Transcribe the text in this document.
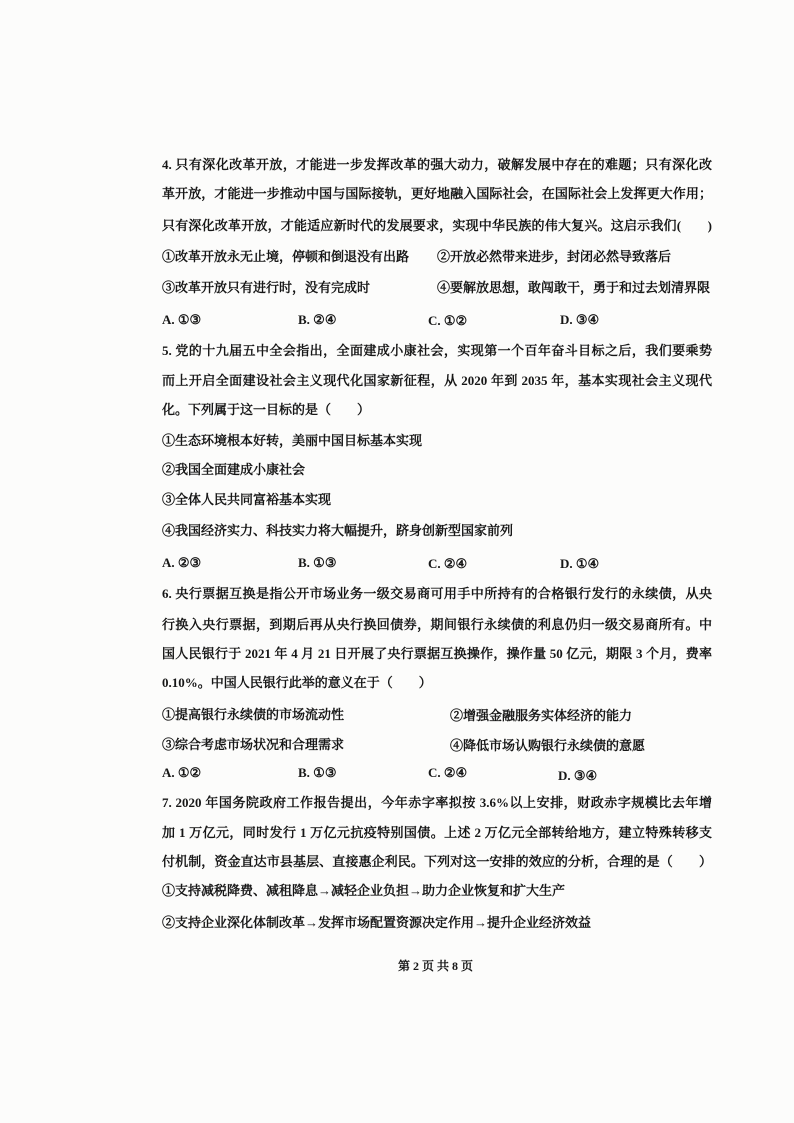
4. 只有深化改革开放，才能进一步发挥改革的强大动力，破解发展中存在的难题；只有深化改
革开放，才能进一步推动中国与国际接轨，更好地融入国际社会，在国际社会上发挥更大作用；
只有深化改革开放，才能适应新时代的发展要求，实现中华民族的伟大复兴。这启示我们(　　)
①改革开放永无止境，停顿和倒退没有出路 ②开放必然带来进步，封闭必然导致落后
③改革开放只有进行时，没有完成时	④要解放思想，敢闯敢干，勇于和过去划清界限
A. ①③	B. ②④	C. ①②	D. ③④
5. 党的十九届五中全会指出，全面建成小康社会，实现第一个百年奋斗目标之后，我们要乘势
而上开启全面建设社会主义现代化国家新征程，从 2020 年到 2035 年，基本实现社会主义现代
化。下列属于这一目标的是（　　）
①生态环境根本好转，美丽中国目标基本实现
②我国全面建成小康社会
③全体人民共同富裕基本实现
④我国经济实力、科技实力将大幅提升，跻身创新型国家前列
A. ②③	B. ①③	C. ②④	D. ①④
6. 央行票据互换是指公开市场业务一级交易商可用手中所持有的合格银行发行的永续债，从央
行换入央行票据，到期后再从央行换回债券，期间银行永续债的利息仍归一级交易商所有。中
国人民银行于 2021 年 4 月 21 日开展了央行票据互换操作，操作量 50 亿元，期限 3 个月，费率
0.10%。中国人民银行此举的意义在于（　　）
①提高银行永续债的市场流动性	②增强金融服务实体经济的能力
③综合考虑市场状况和合理需求	④降低市场认购银行永续债的意愿
A. ①②	B. ①③	C. ②④	D. ③④
7. 2020 年国务院政府工作报告提出，今年赤字率拟按 3.6%以上安排，财政赤字规模比去年增
加 1 万亿元，同时发行 1 万亿元抗疫特别国债。上述 2 万亿元全部转给地方，建立特殊转移支
付机制，资金直达市县基层、直接惠企利民。下列对这一安排的效应的分析，合理的是（　　）
①支持减税降费、减租降息→减轻企业负担→助力企业恢复和扩大生产
②支持企业深化体制改革→发挥市场配置资源决定作用→提升企业经济效益
第 2 页 共 8 页
